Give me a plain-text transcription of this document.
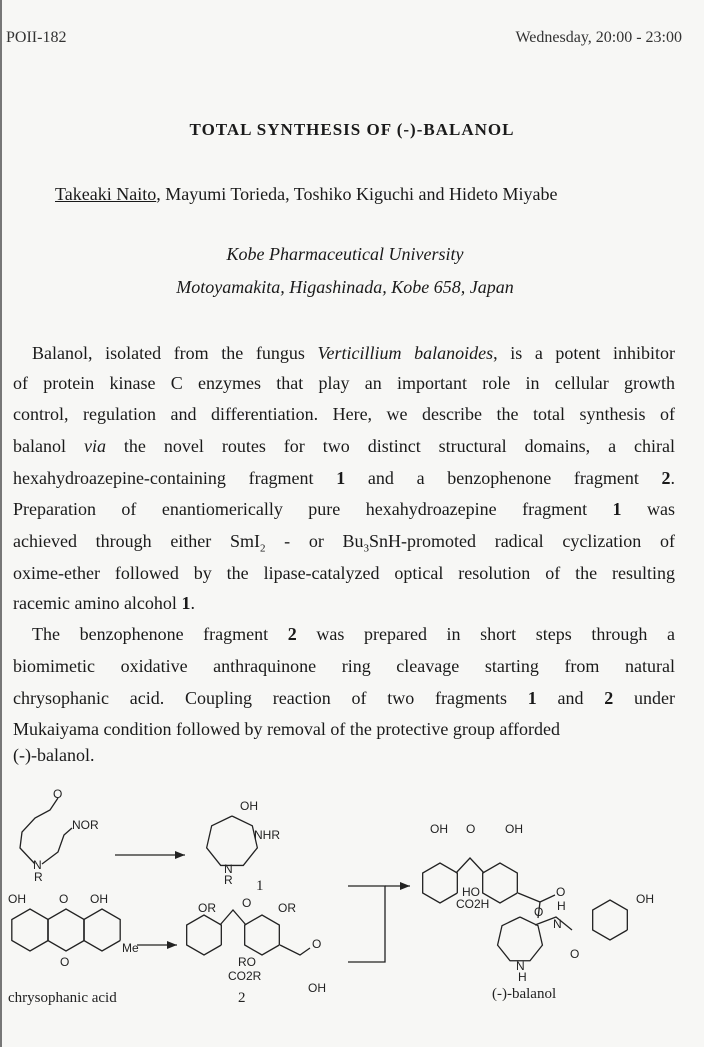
POII-182	Wednesday, 20:00 - 23:00
TOTAL SYNTHESIS OF (-)-BALANOL
Takeaki Naito, Mayumi Torieda, Toshiko Kiguchi and Hideto Miyabe
Kobe Pharmaceutical University
Motoyamakita, Higashinada, Kobe 658, Japan
Balanol, isolated from the fungus Verticillium balanoides, is a potent inhibitor
of protein kinase C enzymes that play an important role in cellular growth
control, regulation and differentiation. Here, we describe the total synthesis of
balanol via the novel routes for two distinct structural domains, a chiral
hexahydroazepine-containing fragment 1 and a benzophenone fragment 2.
Preparation of enantiomerically pure hexahydroazepine fragment 1 was
achieved through either SmI$_2$ - or $Bu_3SnH$-promoted radical cyclization of
oxime-ether followed by the lipase-catalyzed optical resolution of the resulting
racemic amino alcohol 1.
The benzophenone fragment 2 was prepared in short steps through a
biomimetic oxidative anthraquinone ring cleavage starting from natural
chrysophanic acid. Coupling reaction of two fragments 1 and 2 under
Mukaiyama condition followed by removal of the protective group afforded
(-)-balanol.
O
NOR
N
R
OH
NHR
N
R 1
OH	O OH
O
Me
chrysophanic acid
OR O OR
RO
CO2R
O
OH
2
OH O OH
HO
CO2H
O
O H
N
OH
O
N
H
(-)-balanol
